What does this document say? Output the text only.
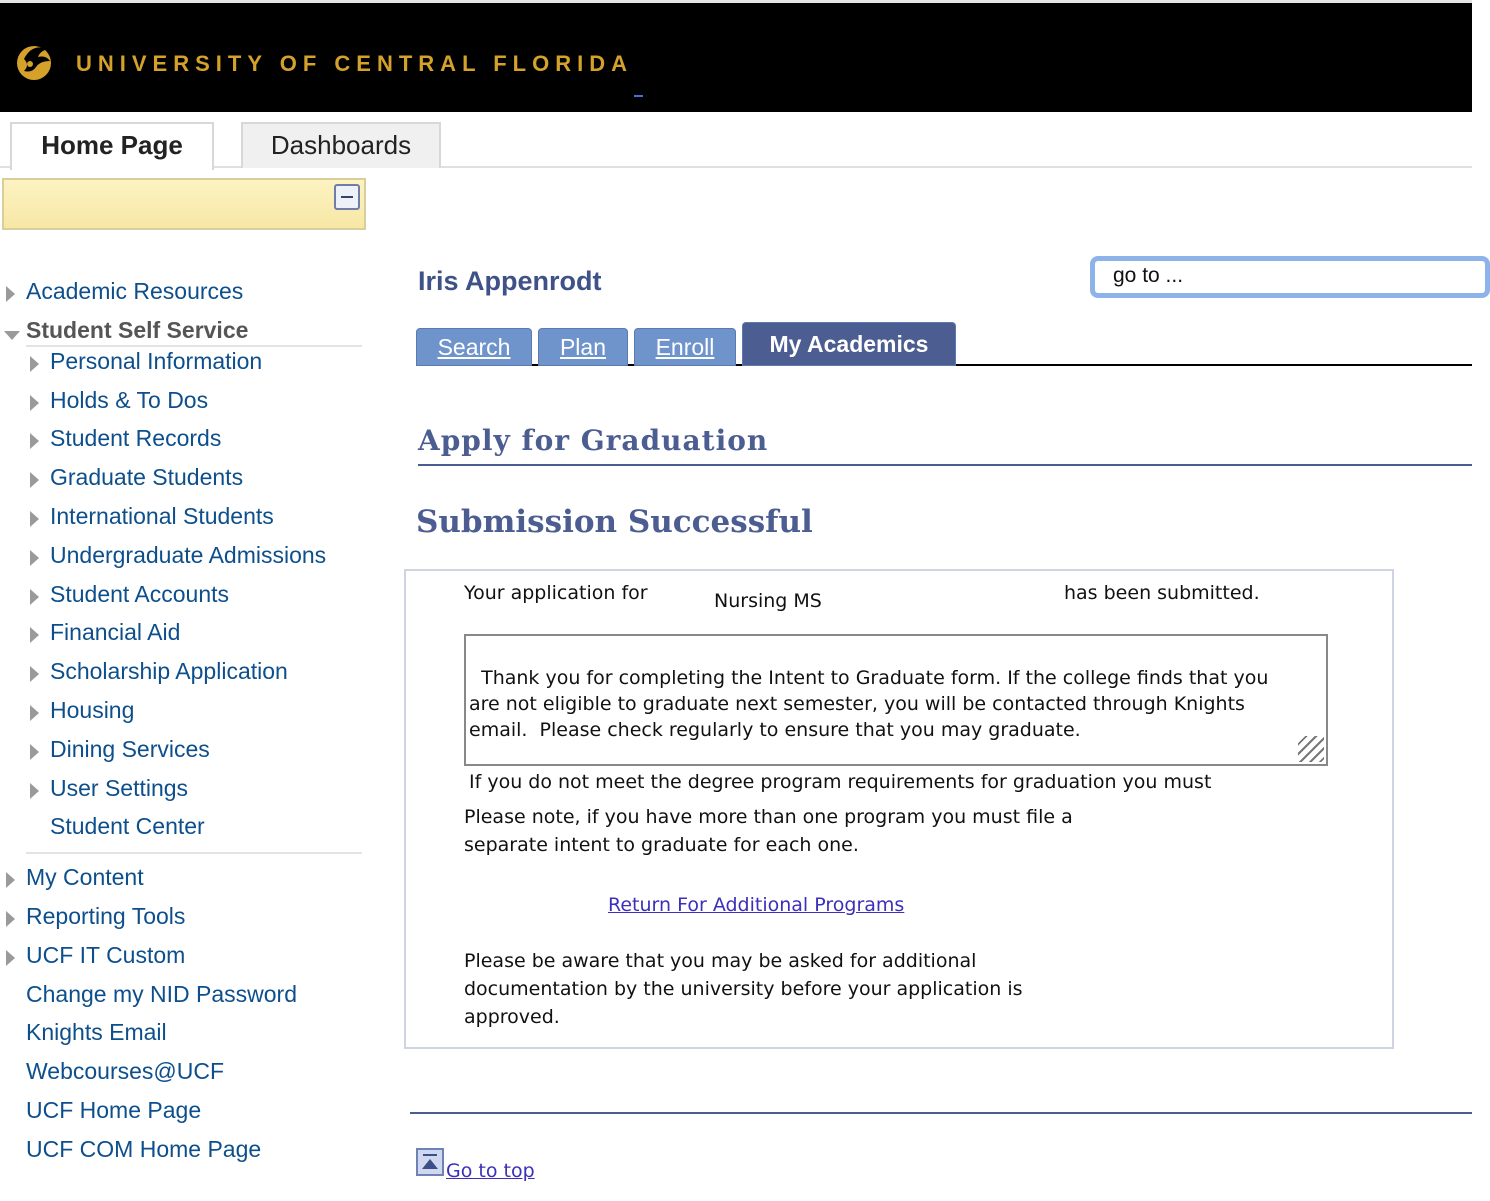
UNIVERSITY OF CENTRAL FLORIDA
Home Page	Dashboards
Academic Resources
Student Self Service
Personal Information
Holds & To Dos
Student Records
Graduate Students
International Students
Undergraduate Admissions
Student Accounts
Financial Aid
Scholarship Application
Housing
Dining Services
User Settings
Student Center
My Content
Reporting Tools
UCF IT Custom
Change my NID Password
Knights Email
Webcourses@UCF
UCF Home Page
UCF COM Home Page
Iris Appenrodt	go to ...
Search	Plan	Enroll	My Academics
Apply for Graduation
Submission Successful
Your application for	Nursing MS	has been submitted.

Thank you for completing the Intent to Graduate form. If the college finds that you
are not eligible to graduate next semester, you will be contacted through Knights
email.  Please check regularly to ensure that you may graduate.

If you do not meet the degree program requirements for graduation you must

Please note, if you have more than one program you must file a
separate intent to graduate for each one.
Return For Additional Programs
Please be aware that you may be asked for additional
documentation by the university before your application is
approved.
Go to top
